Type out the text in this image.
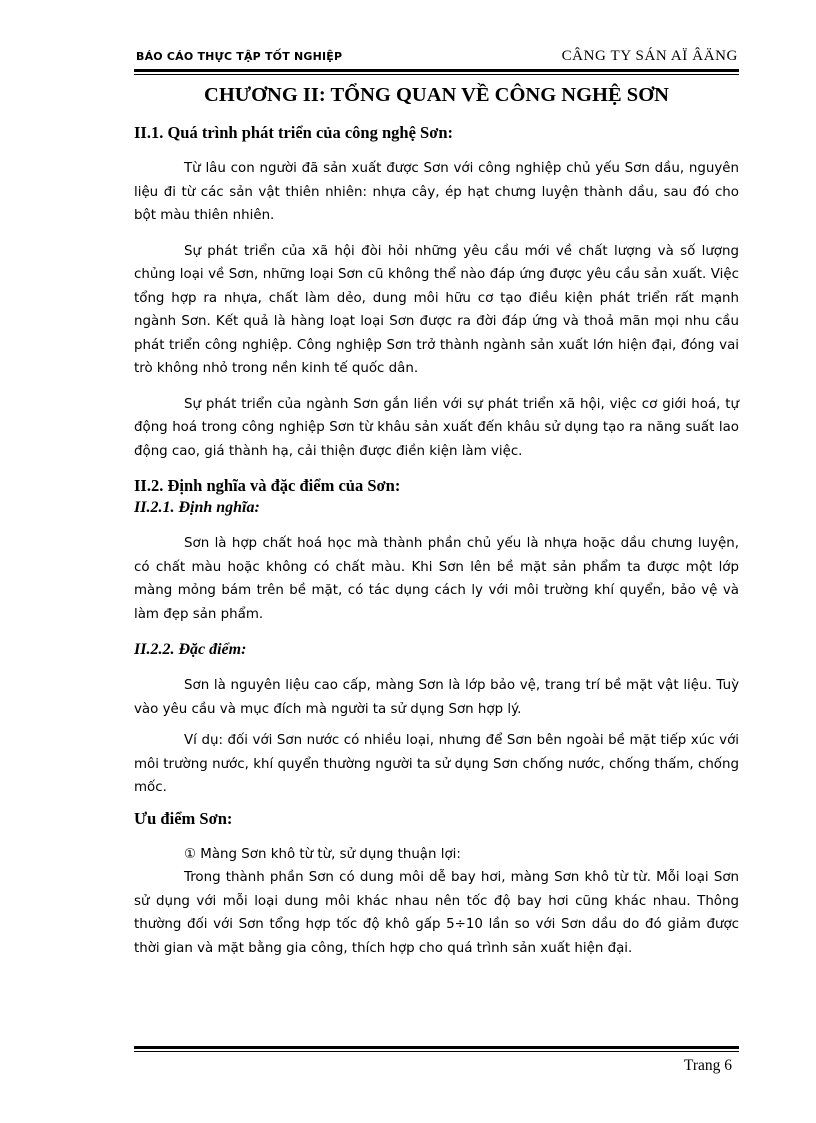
BÁO CÁO THỰC TẬP TỐT NGHIỆP	CÂNG TY SÁN AÏ ÂÄNG
CHƯƠNG II: TỔNG QUAN VỀ CÔNG NGHỆ SƠN

II.1. Quá trình phát triển của công nghệ Sơn:

Từ lâu con người đã sản xuất được Sơn với công nghiệp chủ yếu Sơn dầu, nguyên liệu đi từ các sản vật thiên nhiên: nhựa cây, ép hạt chưng luyện thành dầu, sau đó cho bột màu thiên nhiên.

Sự phát triển của xã hội đòi hỏi những yêu cầu mới về chất lượng và số lượng chủng loại về Sơn, những loại Sơn cũ không thể nào đáp ứng được yêu cầu sản xuất. Việc tổng hợp ra nhựa, chất làm dẻo, dung môi hữu cơ tạo điều kiện phát triển rất mạnh ngành Sơn. Kết quả là hàng loạt loại Sơn được ra đời đáp ứng và thoả mãn mọi nhu cầu phát triển công nghiệp. Công nghiệp Sơn trở thành ngành sản xuất lớn hiện đại, đóng vai trò không nhỏ trong nền kinh tế quốc dân.

Sự phát triển của ngành Sơn gắn liền với sự phát triển xã hội, việc cơ giới hoá, tự động hoá trong công nghiệp Sơn từ khâu sản xuất đến khâu sử dụng tạo ra năng suất lao động cao, giá thành hạ, cải thiện được điền kiện làm việc.

II.2. Định nghĩa và đặc điểm của Sơn:

II.2.1. Định nghĩa:

Sơn là hợp chất hoá học mà thành phần chủ yếu là nhựa hoặc dầu chưng luyện, có chất màu hoặc không có chất màu. Khi Sơn lên bề mặt sản phẩm ta được một lớp màng mỏng bám trên bề mặt, có tác dụng cách ly với môi trường khí quyển, bảo vệ và làm đẹp sản phẩm.

II.2.2. Đặc điểm:

Sơn là nguyên liệu cao cấp, màng Sơn là lớp bảo vệ, trang trí bề mặt vật liệu. Tuỳ vào yêu cầu và mục đích mà người ta sử dụng Sơn hợp lý.

Ví dụ: đối với Sơn nước có nhiều loại, nhưng để Sơn bên ngoài bề mặt tiếp xúc với môi trường nước, khí quyển thường người ta sử dụng Sơn chống nước, chống thấm, chống mốc.

Ưu điểm Sơn:

① Màng Sơn khô từ từ, sử dụng thuận lợi:

Trong thành phần Sơn có dung môi dễ bay hơi, màng Sơn khô từ từ. Mỗi loại Sơn sử dụng với mỗi loại dung môi khác nhau nên tốc độ bay hơi cũng khác nhau. Thông thường đối với Sơn tổng hợp tốc độ khô gấp 5÷10 lần so với Sơn dầu do đó giảm được thời gian và mặt bằng gia công, thích hợp cho quá trình sản xuất hiện đại.

Trang 6
